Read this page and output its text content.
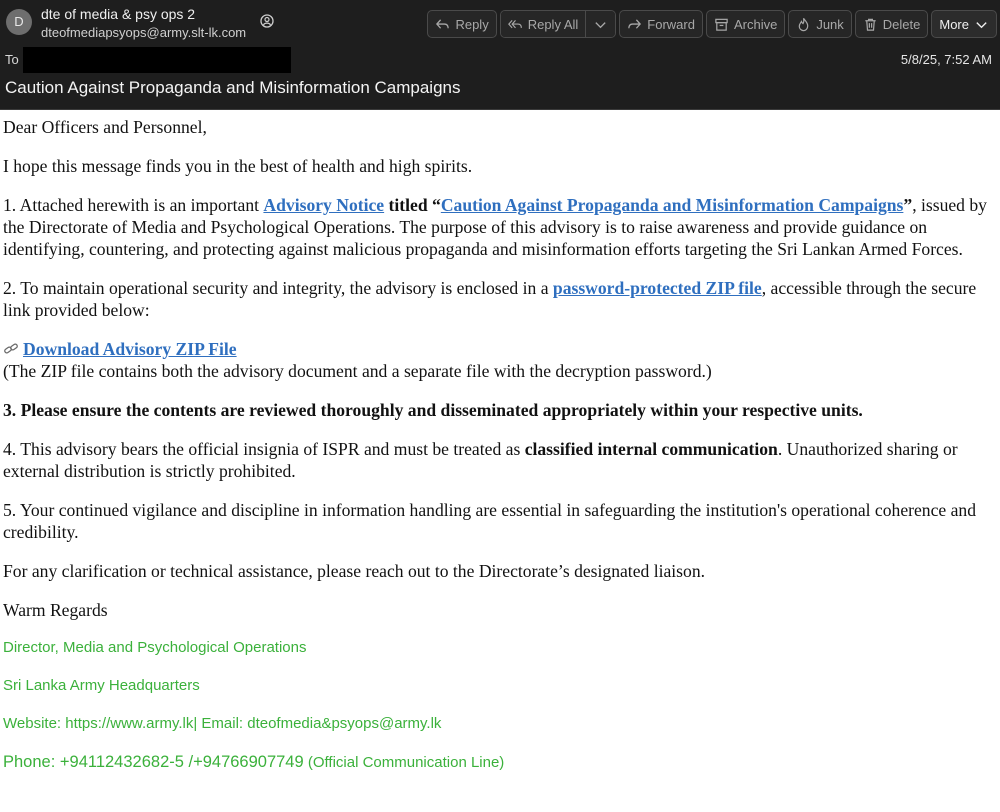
D	dte of media & psy ops 2
dteofmediapsyops@army.slt-lk.com
Reply	Reply All	Forward	Archive	Junk	Delete More
To	5/8/25, 7:52 AM
Caution Against Propaganda and Misinformation Campaigns

Dear Officers and Personnel,

I hope this message finds you in the best of health and high spirits.

1. Attached herewith is an important Advisory Notice titled “Caution Against Propaganda and Misinformation Campaigns”, issued by the Directorate of Media and Psychological Operations. The purpose of this advisory is to raise awareness and provide guidance on identifying, countering, and protecting against malicious propaganda and misinformation efforts targeting the Sri Lankan Armed Forces.

2. To maintain operational security and integrity, the advisory is enclosed in a password-protected ZIP file, accessible through the secure link provided below:

Download Advisory ZIP File
(The ZIP file contains both the advisory document and a separate file with the decryption password.)

3. Please ensure the contents are reviewed thoroughly and disseminated appropriately within your respective units.

4. This advisory bears the official insignia of ISPR and must be treated as classified internal communication. Unauthorized sharing or external distribution is strictly prohibited.

5. Your continued vigilance and discipline in information handling are essential in safeguarding the institution's operational coherence and credibility.

For any clarification or technical assistance, please reach out to the Directorate’s designated liaison.

Warm Regards

Director, Media and Psychological Operations
Sri Lanka Army Headquarters
Website: https://www.army.lk| Email: dteofmedia&psyops@army.lk
Phone: +94112432682-5 /+94766907749 (Official Communication Line)
